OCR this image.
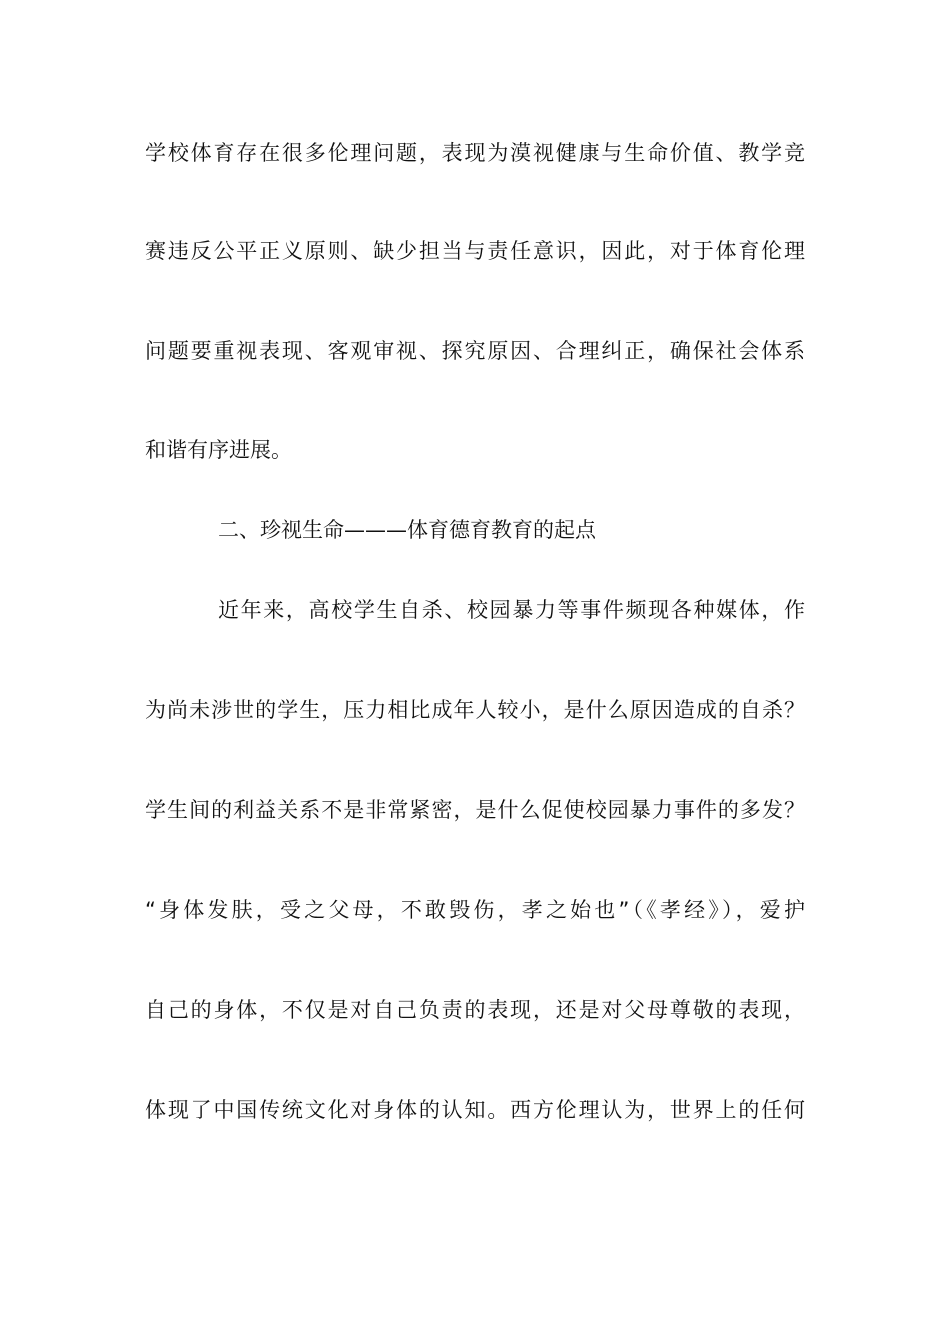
学校体育存在很多伦理问题，表现为漠视健康与生命价值、教学竞
赛违反公平正义原则、缺少担当与责任意识，因此，对于体育伦理
问题要重视表现、客观审视、探究原因、合理纠正，确保社会体系
和谐有序进展。
二、珍视生命———体育德育教育的起点
近年来，高校学生自杀、校园暴力等事件频现各种媒体，作
为尚未涉世的学生，压力相比成年人较小，是什么原因造成的自杀？
学生间的利益关系不是非常紧密，是什么促使校园暴力事件的多发？
“身体发肤，受之父母，不敢毁伤，孝之始也”（《孝经》），爱护
自己的身体，不仅是对自己负责的表现，还是对父母尊敬的表现，
体现了中国传统文化对身体的认知。西方伦理认为，世界上的任何
